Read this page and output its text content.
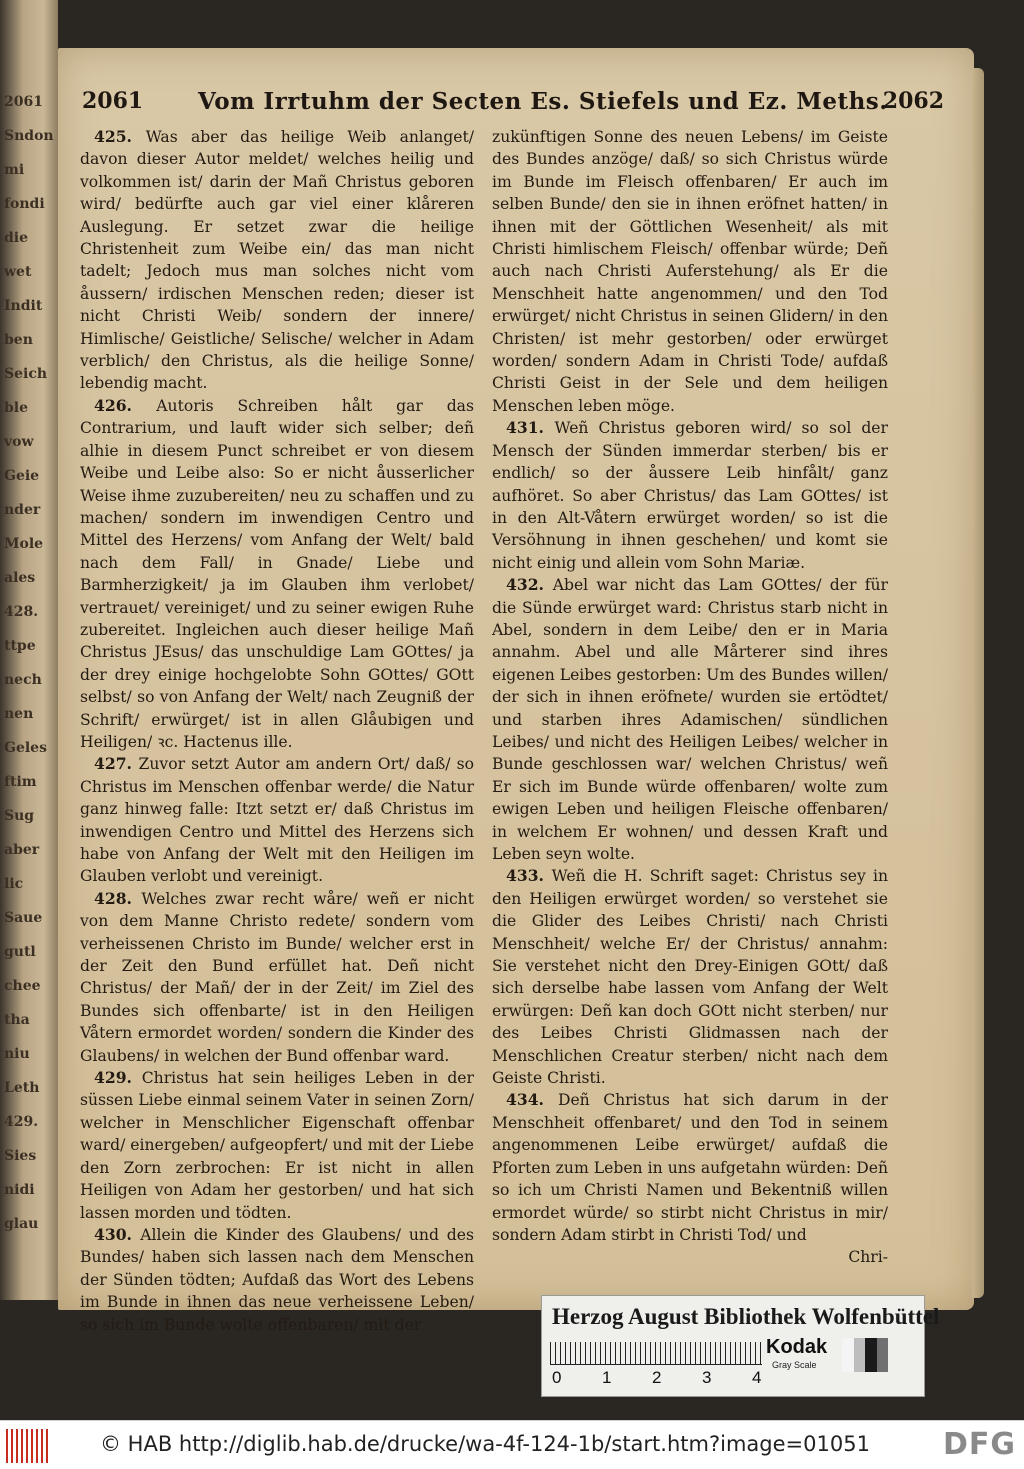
2061
Sndon
mi
fondi
die
wet
Indit
ben
Seich
ble
vow
Geie
nder
Mole
ales
428.
ttpe
nech
nen
Geles
ftim
Sug
aber
lic
Saue
gutl
chee
tha
niu
Leth
429.
Sies
nidi
glau
2061 Vom Irrtuhm der Secten Es. Stiefels und Ez. Meths.
2062

425. Was aber das heilige Weib anlanget/ davon dieser Autor meldet/ welches heilig und volkommen ist/ darin der Mañ Christus geboren wird/ bedürfte auch gar viel einer klåreren Auslegung. Er setzet zwar die heilige Christenheit zum Weibe ein/ das man nicht tadelt; Jedoch mus man solches nicht vom åussern/ irdischen Menschen reden; dieser ist nicht Christi Weib/ sondern der innere/ Himlische/ Geistliche/ Selische/ welcher in Adam verblich/ den Christus, als die heilige Sonne/ lebendig macht.

426. Autoris Schreiben hålt gar das Contrarium, und lauft wider sich selber; deñ alhie in diesem Punct schreibet er von diesem Weibe und Leibe also: So er nicht åusserlicher Weise ihme zuzubereiten/ neu zu schaffen und zu machen/ sondern im inwendigen Centro und Mittel des Herzens/ vom Anfang der Welt/ bald nach dem Fall/ in Gnade/ Liebe und Barmherzigkeit/ ja im Glauben ihm verlobet/ vertrauet/ vereiniget/ und zu seiner ewigen Ruhe zubereitet. Ingleichen auch dieser heilige Mañ Christus JEsus/ das unschuldige Lam GOttes/ ja der drey einige hochgelobte Sohn GOttes/ GOtt selbst/ so von Anfang der Welt/ nach Zeugniß der Schrift/ erwürget/ ist in allen Glåubigen und Heiligen/ ꝛc. Hactenus ille.

427. Zuvor setzt Autor am andern Ort/ daß/ so Christus im Menschen offenbar werde/ die Natur ganz hinweg falle: Itzt setzt er/ daß Christus im inwendigen Centro und Mittel des Herzens sich habe von Anfang der Welt mit den Heiligen im Glauben verlobt und vereinigt.

428. Welches zwar recht wåre/ weñ er nicht von dem Manne Christo redete/ sondern vom verheissenen Christo im Bunde/ welcher erst in der Zeit den Bund erfüllet hat. Deñ nicht Christus/ der Mañ/ der in der Zeit/ im Ziel des Bundes sich offenbarte/ ist in den Heiligen Våtern ermordet worden/ sondern die Kinder des Glaubens/ in welchen der Bund offenbar ward.

429. Christus hat sein heiliges Leben in der süssen Liebe einmal seinem Vater in seinen Zorn/ welcher in Menschlicher Eigenschaft offenbar ward/ einergeben/ aufgeopfert/ und mit der Liebe den Zorn zerbrochen: Er ist nicht in allen Heiligen von Adam her gestorben/ und hat sich lassen morden und tödten.

430. Allein die Kinder des Glaubens/ und des Bundes/ haben sich lassen nach dem Menschen der Sünden tödten; Aufdaß das Wort des Lebens im Bunde in ihnen das neue verheissene Leben/ so sich im Bunde wolte offenbaren/ mit der

zukünftigen Sonne des neuen Lebens/ im Geiste des Bundes anzöge/ daß/ so sich Christus würde im Bunde im Fleisch offenbaren/ Er auch im selben Bunde/ den sie in ihnen eröfnet hatten/ in ihnen mit der Göttlichen Wesenheit/ als mit Christi himlischem Fleisch/ offenbar würde; Deñ auch nach Christi Auferstehung/ als Er die Menschheit hatte angenommen/ und den Tod erwürget/ nicht Christus in seinen Glidern/ in den Christen/ ist mehr gestorben/ oder erwürget worden/ sondern Adam in Christi Tode/ aufdaß Christi Geist in der Sele und dem heiligen Menschen leben möge.

431. Weñ Christus geboren wird/ so sol der Mensch der Sünden immerdar sterben/ bis er endlich/ so der åussere Leib hinfålt/ ganz aufhöret. So aber Christus/ das Lam GOttes/ ist in den Alt-Våtern erwürget worden/ so ist die Versöhnung in ihnen geschehen/ und komt sie nicht einig und allein vom Sohn Mariæ.

432. Abel war nicht das Lam GOttes/ der für die Sünde erwürget ward: Christus starb nicht in Abel, sondern in dem Leibe/ den er in Maria annahm. Abel und alle Mårterer sind ihres eigenen Leibes gestorben: Um des Bundes willen/ der sich in ihnen eröfnete/ wurden sie ertödtet/ und starben ihres Adamischen/ sündlichen Leibes/ und nicht des Heiligen Leibes/ welcher in Bunde geschlossen war/ welchen Christus/ weñ Er sich im Bunde würde offenbaren/ wolte zum ewigen Leben und heiligen Fleische offenbaren/ in welchem Er wohnen/ und dessen Kraft und Leben seyn wolte.

433. Weñ die H. Schrift saget: Christus sey in den Heiligen erwürget worden/ so verstehet sie die Glider des Leibes Christi/ nach Christi Menschheit/ welche Er/ der Christus/ annahm: Sie verstehet nicht den Drey-Einigen GOtt/ daß sich derselbe habe lassen vom Anfang der Welt erwürgen: Deñ kan doch GOtt nicht sterben/ nur des Leibes Christi Glidmassen nach der Menschlichen Creatur sterben/ nicht nach dem Geiste Christi.

434. Deñ Christus hat sich darum in der Menschheit offenbaret/ und den Tod in seinem angenommenen Leibe erwürget/ aufdaß die Pforten zum Leben in uns aufgetahn würden: Deñ so ich um Christi Namen und Bekentniß willen ermordet würde/ so stirbt nicht Christus in mir/ sondern Adam stirbt in Christi Tod/ und

Chri-

Herzog August Bibliothek Wolfenbüttel
0 1 2 3 4
Kodak
Gray Scale
© HAB http://diglib.hab.de/drucke/wa-4f-124-1b/start.htm?image=01051 DFG
